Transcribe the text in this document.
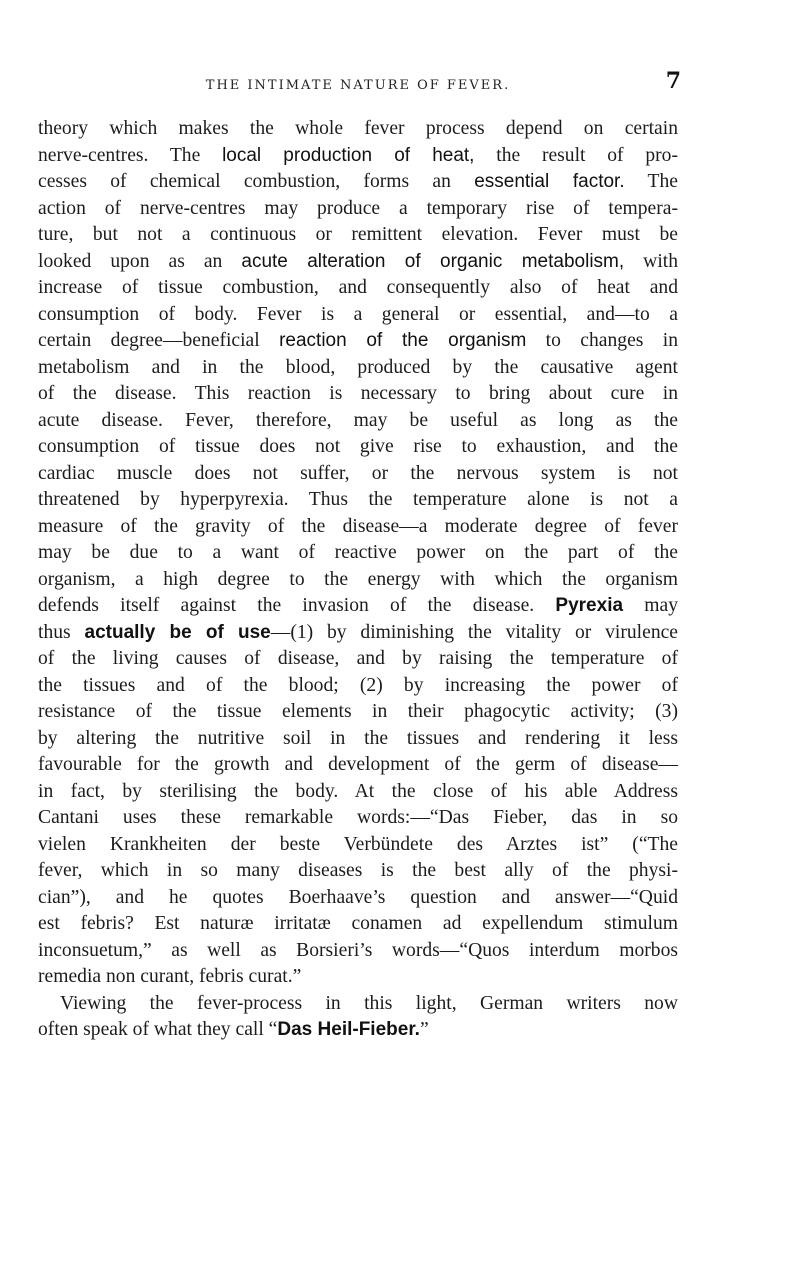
THE INTIMATE NATURE OF FEVER.	7
theory which makes the whole fever process depend on certain
nerve-centres. The local production of heat, the result of pro-
cesses of chemical combustion, forms an essential factor. The
action of nerve-centres may produce a temporary rise of tempera-
ture, but not a continuous or remittent elevation. Fever must be
looked upon as an acute alteration of organic metabolism, with
increase of tissue combustion, and consequently also of heat and
consumption of body. Fever is a general or essential, and—to a
certain degree—beneficial reaction of the organism to changes in
metabolism and in the blood, produced by the causative agent
of the disease. This reaction is necessary to bring about cure in
acute disease. Fever, therefore, may be useful as long as the
consumption of tissue does not give rise to exhaustion, and the
cardiac muscle does not suffer, or the nervous system is not
threatened by hyperpyrexia. Thus the temperature alone is not a
measure of the gravity of the disease—a moderate degree of fever
may be due to a want of reactive power on the part of the
organism, a high degree to the energy with which the organism
defends itself against the invasion of the disease. Pyrexia may
thus actually be of use—(1) by diminishing the vitality or virulence
of the living causes of disease, and by raising the temperature of
the tissues and of the blood; (2) by increasing the power of
resistance of the tissue elements in their phagocytic activity; (3)
by altering the nutritive soil in the tissues and rendering it less
favourable for the growth and development of the germ of disease—
in fact, by sterilising the body. At the close of his able Address
Cantani uses these remarkable words:—“Das Fieber, das in so
vielen Krankheiten der beste Verbündete des Arztes ist” (“The
fever, which in so many diseases is the best ally of the physi-
cian”), and he quotes Boerhaave’s question and answer—“Quid
est febris? Est naturæ irritatæ conamen ad expellendum stimulum
inconsuetum,” as well as Borsieri’s words—“Quos interdum morbos
remedia non curant, febris curat.”
Viewing the fever-process in this light, German writers now
often speak of what they call “Das Heil-Fieber.”
